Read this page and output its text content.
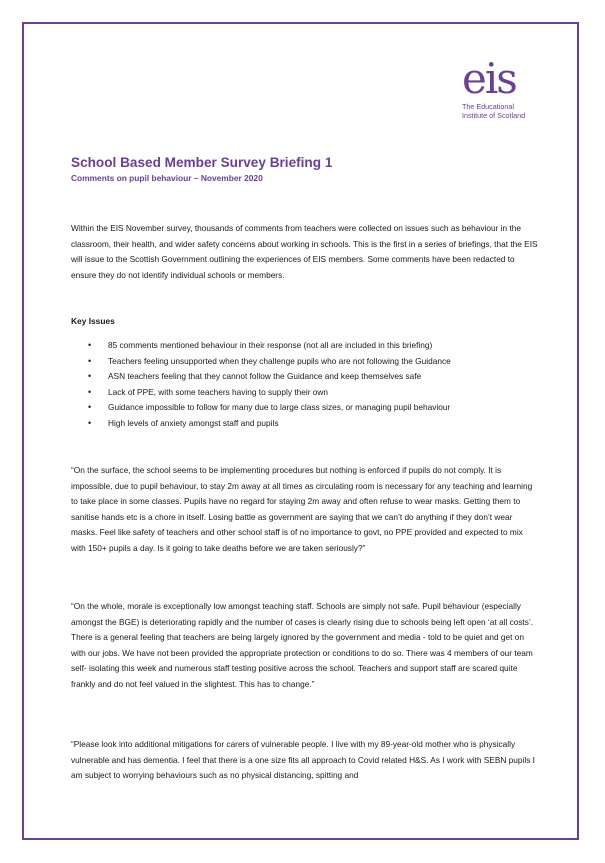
eis
The Educational
Institute of Scotland
School Based Member Survey Briefing 1
Comments on pupil behaviour – November 2020

Within the EIS November survey, thousands of comments from teachers were collected on issues such as behaviour in the classroom, their health, and wider safety concerns about working in schools. This is the first in a series of briefings, that the EIS will issue to the Scottish Government outlining the experiences of EIS members. Some comments have been redacted to ensure they do not identify individual schools or members.

Key Issues
• 85 comments mentioned behaviour in their response (not all are included in this briefing)
• Teachers feeling unsupported when they challenge pupils who are not following the Guidance
• ASN teachers feeling that they cannot follow the Guidance and keep themselves safe
• Lack of PPE, with some teachers having to supply their own
• Guidance impossible to follow for many due to large class sizes, or managing pupil behaviour
• High levels of anxiety amongst staff and pupils

“On the surface, the school seems to be implementing procedures but nothing is enforced if pupils do not comply. It is impossible, due to pupil behaviour, to stay 2m away at all times as circulating room is necessary for any teaching and learning to take place in some classes. Pupils have no regard for staying 2m away and often refuse to wear masks. Getting them to sanitise hands etc is a chore in itself. Losing battle as government are saying that we can’t do anything if they don’t wear masks. Feel like safety of teachers and other school staff is of no importance to govt, no PPE provided and expected to mix with 150+ pupils a day. Is it going to take deaths before we are taken seriously?”

“On the whole, morale is exceptionally low amongst teaching staff. Schools are simply not safe. Pupil behaviour (especially amongst the BGE) is deteriorating rapidly and the number of cases is clearly rising due to schools being left open ‘at all costs’. There is a general feeling that teachers are being largely ignored by the government and media - told to be quiet and get on with our jobs. We have not been provided the appropriate protection or conditions to do so. There was 4 members of our team self- isolating this week and numerous staff testing positive across the school. Teachers and support staff are scared quite frankly and do not feel valued in the slightest. This has to change.”

“Please look into additional mitigations for carers of vulnerable people. I live with my 89-year-old mother who is physically vulnerable and has dementia. I feel that there is a one size fits all approach to Covid related H&S. As I work with SEBN pupils I am subject to worrying behaviours such as no physical distancing, spitting and
